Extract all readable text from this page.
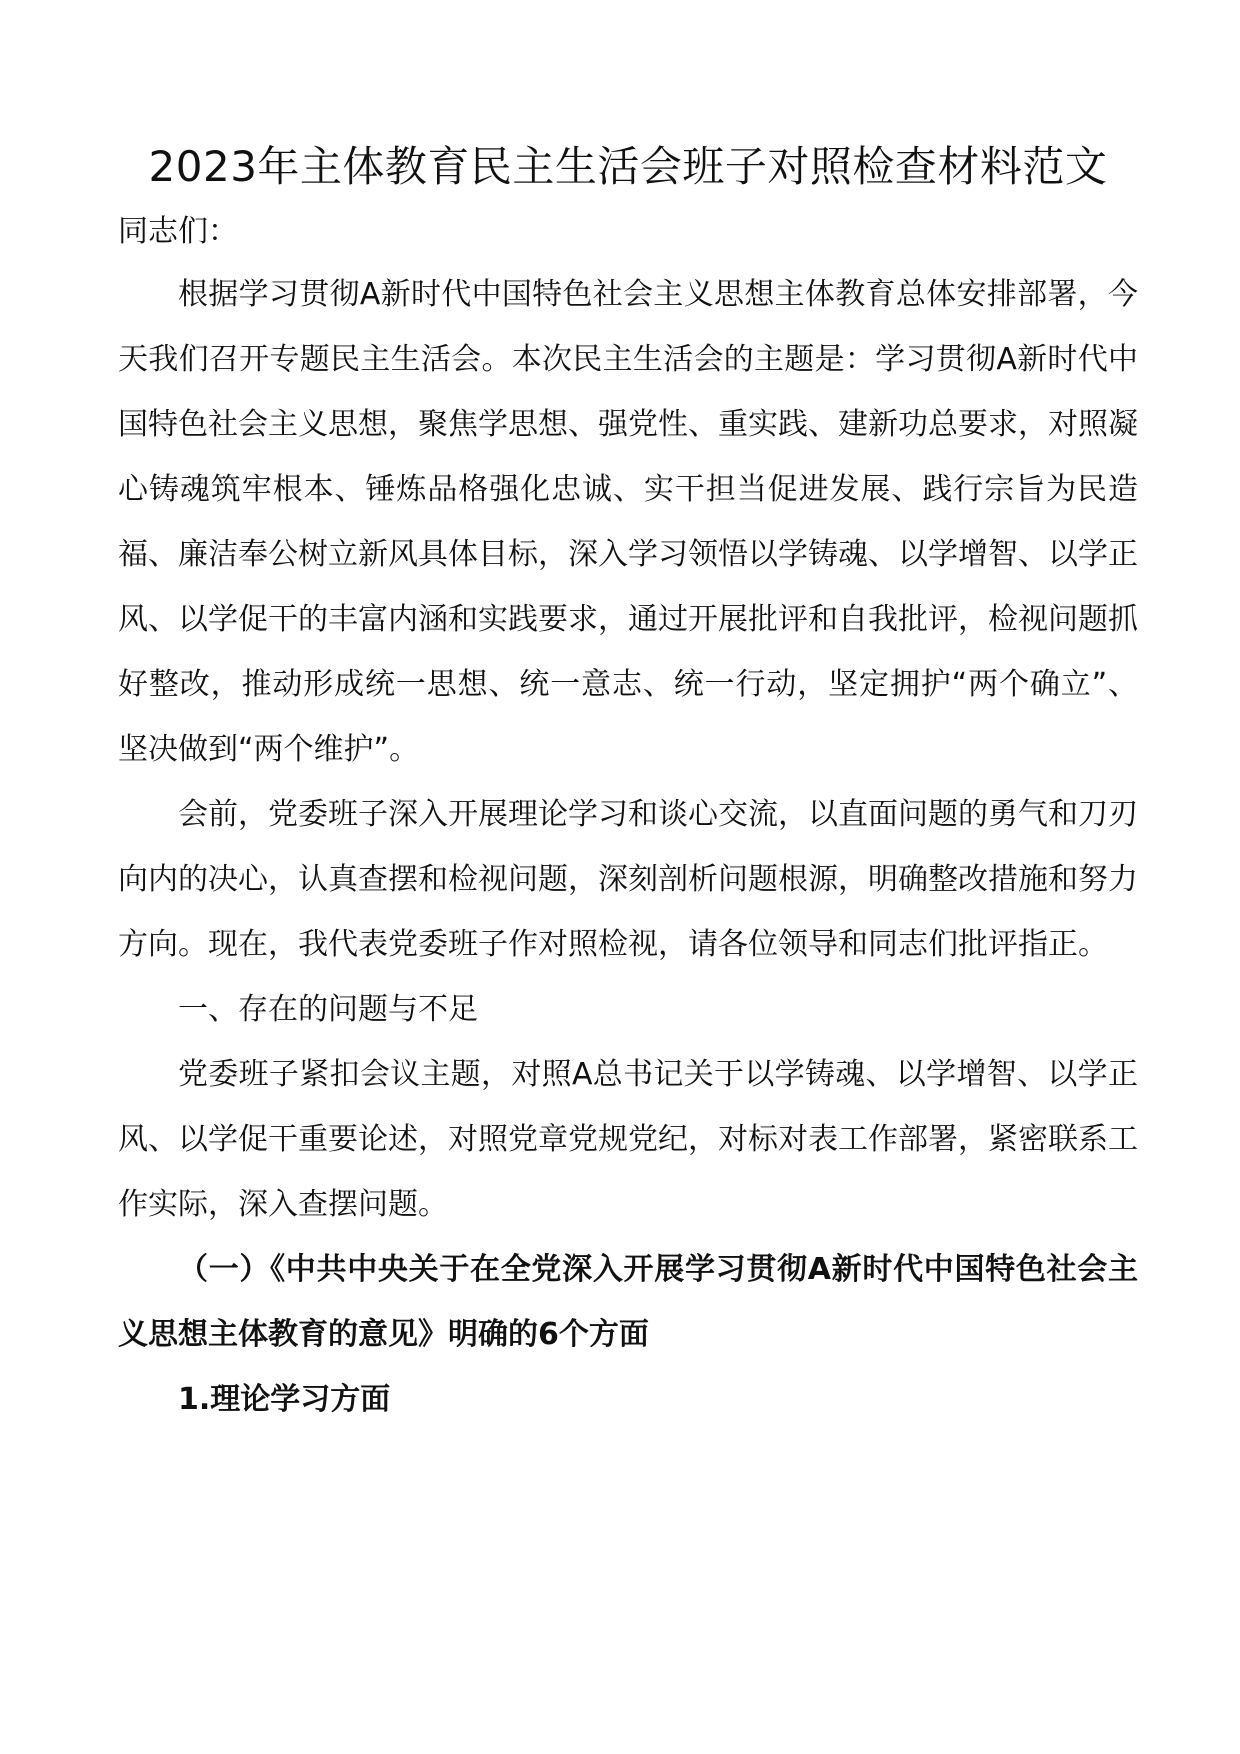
2023年主体教育民主生活会班子对照检查材料范文

同志们：

根据学习贯彻A新时代中国特色社会主义思想主体教育总体安排部署，今天我们召开专题民主生活会。本次民主生活会的主题是：学习贯彻A新时代中国特色社会主义思想，聚焦学思想、强党性、重实践、建新功总要求，对照凝心铸魂筑牢根本、锤炼品格强化忠诚、实干担当促进发展、践行宗旨为民造福、廉洁奉公树立新风具体目标，深入学习领悟以学铸魂、以学增智、以学正风、以学促干的丰富内涵和实践要求，通过开展批评和自我批评，检视问题抓好整改，推动形成统一思想、统一意志、统一行动，坚定拥护“两个确立”、坚决做到“两个维护”。

会前，党委班子深入开展理论学习和谈心交流，以直面问题的勇气和刀刃向内的决心，认真查摆和检视问题，深刻剖析问题根源，明确整改措施和努力方向。现在，我代表党委班子作对照检视，请各位领导和同志们批评指正。

一、存在的问题与不足

党委班子紧扣会议主题，对照A总书记关于以学铸魂、以学增智、以学正风、以学促干重要论述，对照党章党规党纪，对标对表工作部署，紧密联系工作实际，深入查摆问题。

（一）《中共中央关于在全党深入开展学习贯彻A新时代中国特色社会主义思想主体教育的意见》明确的6个方面

1.理论学习方面
